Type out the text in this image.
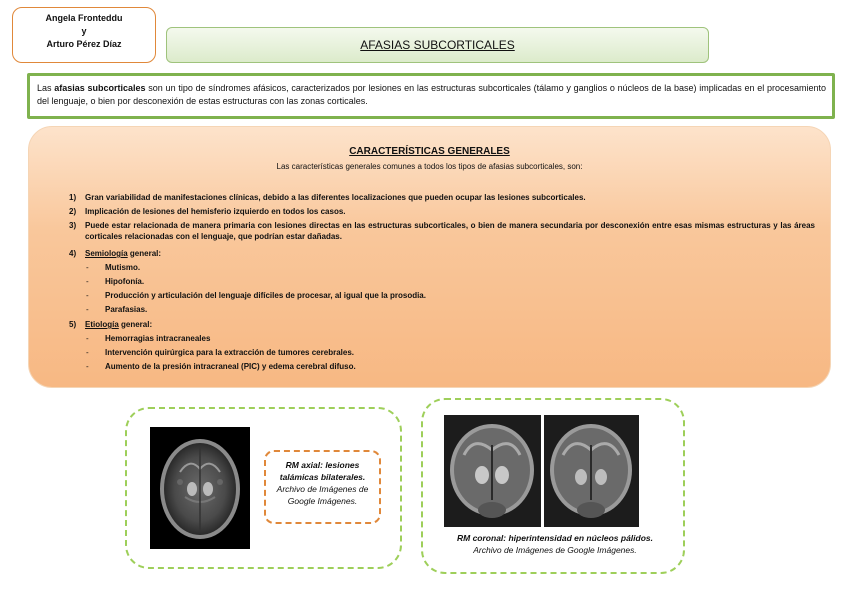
Angela Fronteddu
y
Arturo Pérez Díaz	AFASIAS SUBCORTICALES
Las afasias subcorticales son un tipo de síndromes afásicos, caracterizados por lesiones en las estructuras subcorticales (tálamo y ganglios o núcleos de la base) implicadas en el procesamiento del lenguaje, o bien por desconexión de estas estructuras con las zonas corticales.
CARACTERÍSTICAS GENERALES
Las características generales comunes a todos los tipos de afasias subcorticales, son:
1)	Gran variabilidad de manifestaciones clínicas, debido a las diferentes localizaciones que pueden ocupar las lesiones subcorticales.
2)	Implicación de lesiones del hemisferio izquierdo en todos los casos.
3)	Puede estar relacionada de manera primaria con lesiones directas en las estructuras subcorticales, o bien de manera secundaria por desconexión entre esas mismas estructuras y las áreas corticales relacionadas con el lenguaje, que podrían estar dañadas.
4)	Semiología general:
-	Mutismo.
-	Hipofonía.
-	Producción y articulación del lenguaje difíciles de procesar, al igual que la prosodia.
-	Parafasias.
5)	Etiología general:
-	Hemorragias intracraneales
-	Intervención quirúrgica para la extracción de tumores cerebrales.
-	Aumento de la presión intracraneal (PIC) y edema cerebral difuso.
RM axial: lesiones talámicas bilaterales.
Archivo de Imágenes de Google Imágenes.
RM coronal: hiperintensidad en núcleos pálidos.
Archivo de Imágenes de Google Imágenes.
